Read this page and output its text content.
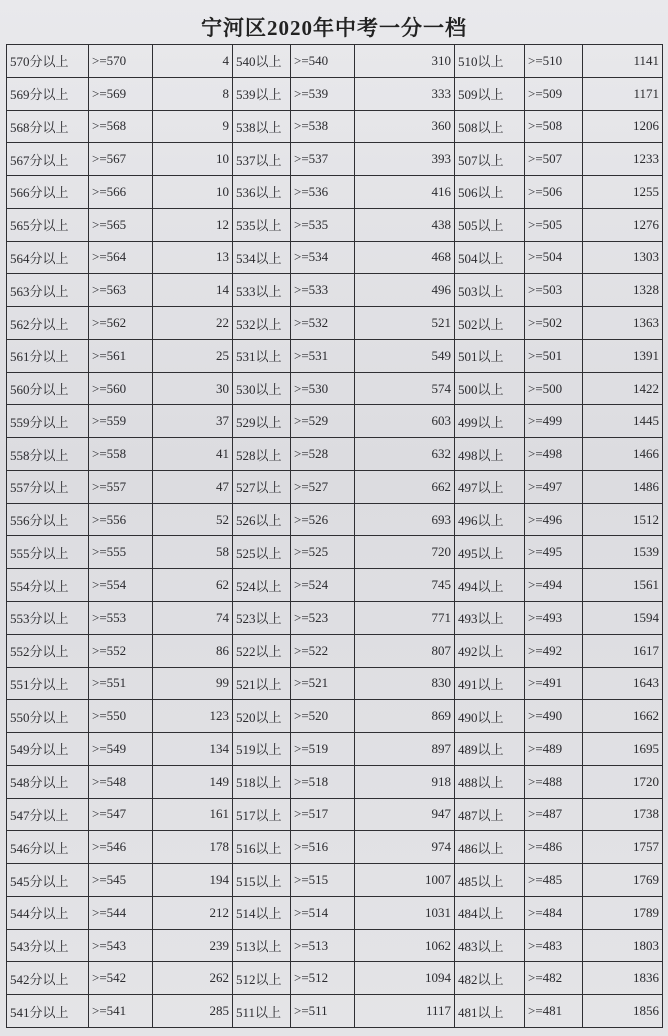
宁河区2020年中考一分一档
570分以上	>=570	4	540以上	>=540	310	510以上	>=510	1141
569分以上	>=569	8	539以上	>=539	333	509以上	>=509	1171
568分以上	>=568	9	538以上	>=538	360	508以上	>=508	1206
567分以上	>=567	10	537以上	>=537	393	507以上	>=507	1233
566分以上	>=566	10	536以上	>=536	416	506以上	>=506	1255
565分以上	>=565	12	535以上	>=535	438	505以上	>=505	1276
564分以上	>=564	13	534以上	>=534	468	504以上	>=504	1303
563分以上	>=563	14	533以上	>=533	496	503以上	>=503	1328
562分以上	>=562	22	532以上	>=532	521	502以上	>=502	1363
561分以上	>=561	25	531以上	>=531	549	501以上	>=501	1391
560分以上	>=560	30	530以上	>=530	574	500以上	>=500	1422
559分以上	>=559	37	529以上	>=529	603	499以上	>=499	1445
558分以上	>=558	41	528以上	>=528	632	498以上	>=498	1466
557分以上	>=557	47	527以上	>=527	662	497以上	>=497	1486
556分以上	>=556	52	526以上	>=526	693	496以上	>=496	1512
555分以上	>=555	58	525以上	>=525	720	495以上	>=495	1539
554分以上	>=554	62	524以上	>=524	745	494以上	>=494	1561
553分以上	>=553	74	523以上	>=523	771	493以上	>=493	1594
552分以上	>=552	86	522以上	>=522	807	492以上	>=492	1617
551分以上	>=551	99	521以上	>=521	830	491以上	>=491	1643
550分以上	>=550	123	520以上	>=520	869	490以上	>=490	1662
549分以上	>=549	134	519以上	>=519	897	489以上	>=489	1695
548分以上	>=548	149	518以上	>=518	918	488以上	>=488	1720
547分以上	>=547	161	517以上	>=517	947	487以上	>=487	1738
546分以上	>=546	178	516以上	>=516	974	486以上	>=486	1757
545分以上	>=545	194	515以上	>=515	1007	485以上	>=485	1769
544分以上	>=544	212	514以上	>=514	1031	484以上	>=484	1789
543分以上	>=543	239	513以上	>=513	1062	483以上	>=483	1803
542分以上	>=542	262	512以上	>=512	1094	482以上	>=482	1836
541分以上	>=541	285	511以上	>=511	1117	481以上	>=481	1856
